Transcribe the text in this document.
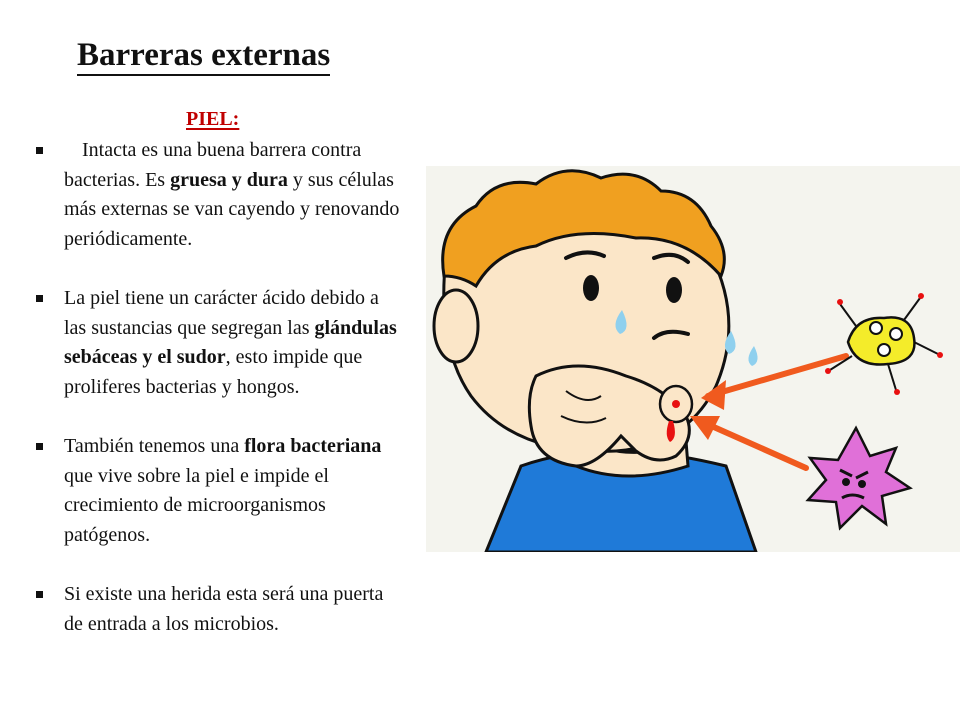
Barreras externas
PIEL:
Intacta es una buena barrera contra bacterias. Es gruesa y dura y sus células más externas se van cayendo y renovando periódicamente.
La piel tiene un carácter ácido debido a las sustancias que segregan las glándulas sebáceas y el sudor, esto impide que proliferes bacterias y hongos.
También tenemos una flora bacteriana que vive sobre la piel e impide el crecimiento de microorganismos patógenos.
Si existe una herida esta será una puerta de entrada a los microbios.
